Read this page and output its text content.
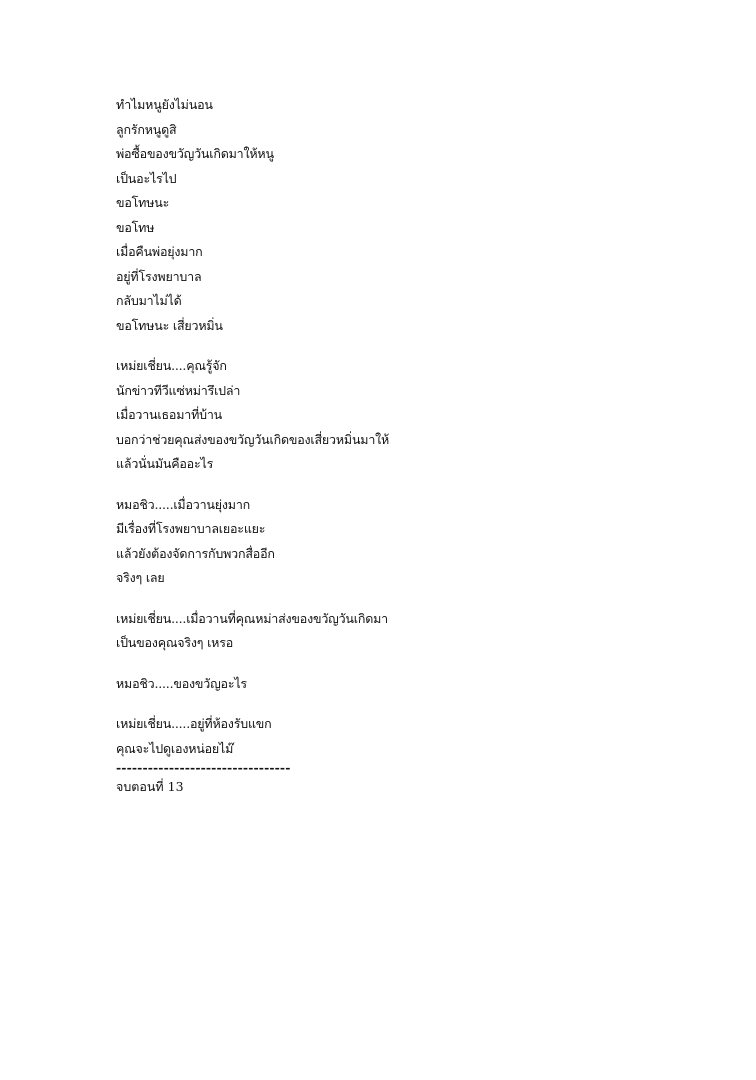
ทำไมหนูยังไม่นอน
ลูกรักหนูดูสิ
พ่อซื้อของขวัญวันเกิดมาให้หนู
เป็นอะไรไป
ขอโทษนะ
ขอโทษ
เมื่อคืนพ่อยุ่งมาก
อยู่ที่โรงพยาบาล
กลับมาไม่ได้
ขอโทษนะ เสี่ยวหมิ่น
เหม่ยเชี่ยน....คุณรู้จัก
นักข่าวทีวีแซ่หม่ารึเปล่า
เมื่อวานเธอมาที่บ้าน
บอกว่าช่วยคุณส่งของขวัญวันเกิดของเสี่ยวหมิ่นมาให้
แล้วนั่นมันคืออะไร
หมอชิว.....เมื่อวานยุ่งมาก
มีเรื่องที่โรงพยาบาลเยอะแยะ
แล้วยังต้องจัดการกับพวกสื่ออีก
จริงๆ เลย
เหม่ยเชี่ยน....เมื่อวานที่คุณหม่าส่งของขวัญวันเกิดมา
เป็นของคุณจริงๆ เหรอ
หมอชิว.....ของขวัญอะไร
เหม่ยเชี่ยน.....อยู่ที่ห้องรับแขก
คุณจะไปดูเองหน่อยไม๊
---------------------------------
จบตอนที่ 13
